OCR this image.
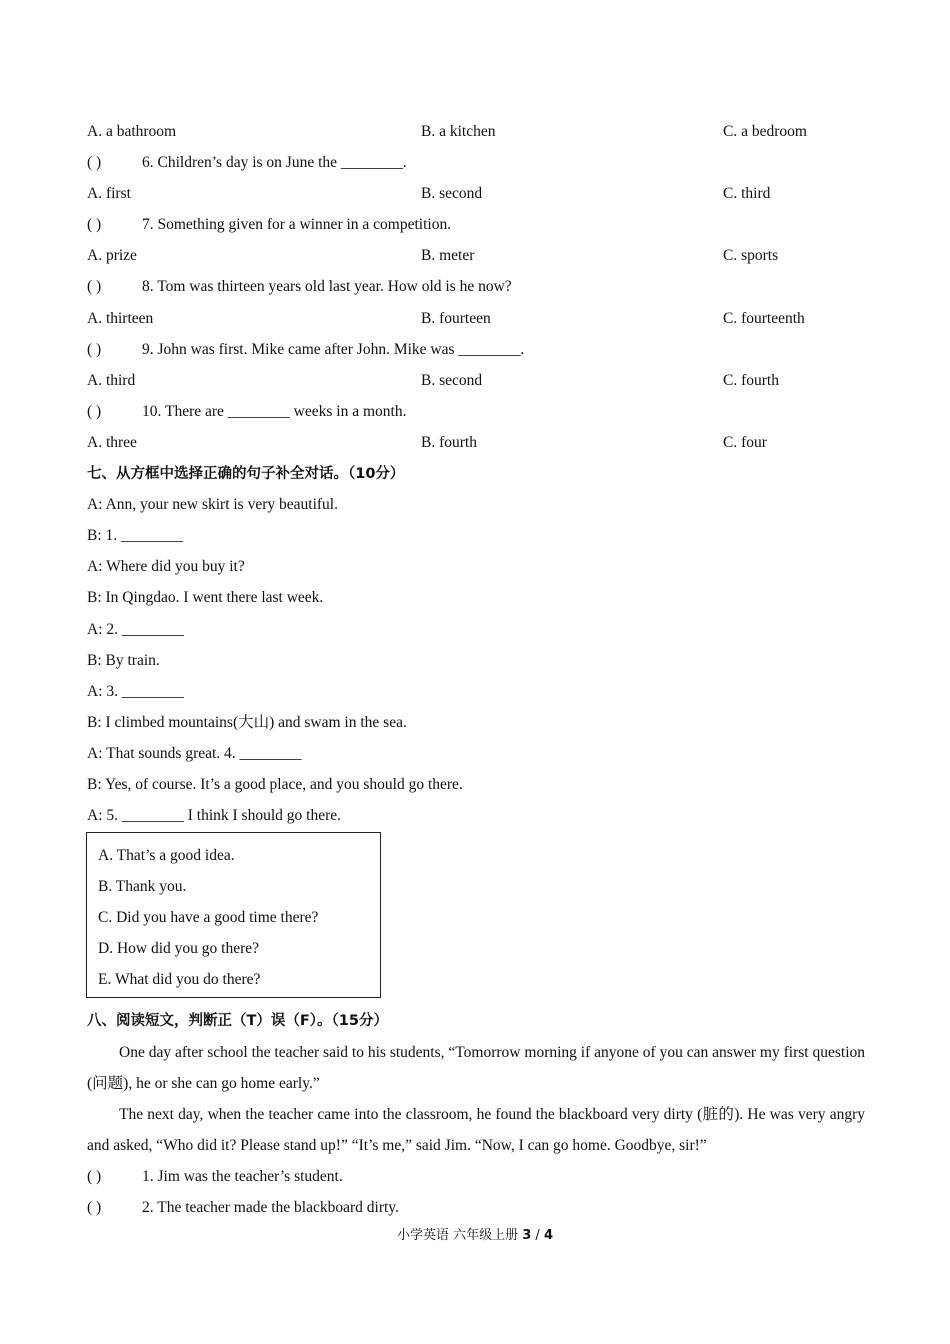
A. a bathroom	B. a kitchen	C. a bedroom
( )	6. Children’s day is on June the ________.
A. first	B. second	C. third
( )	7. Something given for a winner in a competition.
A. prize	B. meter	C. sports
( )	8. Tom was thirteen years old last year. How old is he now?
A. thirteen	B. fourteen	C. fourteenth
( )	9. John was first. Mike came after John. Mike was ________.
A. third	B. second	C. fourth
( )	10. There are ________ weeks in a month.
A. three	B. fourth	C. four
七、从方框中选择正确的句子补全对话。（10分）
A: Ann, your new skirt is very beautiful.
B: 1. ________
A: Where did you buy it?
B: In Qingdao. I went there last week.
A: 2. ________
B: By train.
A: 3. ________
B: I climbed mountains(大山) and swam in the sea.
A: That sounds great. 4. ________
B: Yes, of course. It’s a good place, and you should go there.
A: 5. ________ I think I should go there.
A. That’s a good idea.
B. Thank you.
C. Did you have a good time there?
D. How did you go there?
E. What did you do there?
八、阅读短文，判断正（T）误（F）。（15分）
One day after school the teacher said to his students, “Tomorrow morning if anyone of you can answer my first question (问题), he or she can go home early.”
The next day, when the teacher came into the classroom, he found the blackboard very dirty (脏的). He was very angry and asked, “Who did it? Please stand up!” “It’s me,” said Jim. “Now, I can go home. Goodbye, sir!”
( )	1. Jim was the teacher’s student.
( )	2. The teacher made the blackboard dirty.
小学英语 六年级上册 3 / 4
